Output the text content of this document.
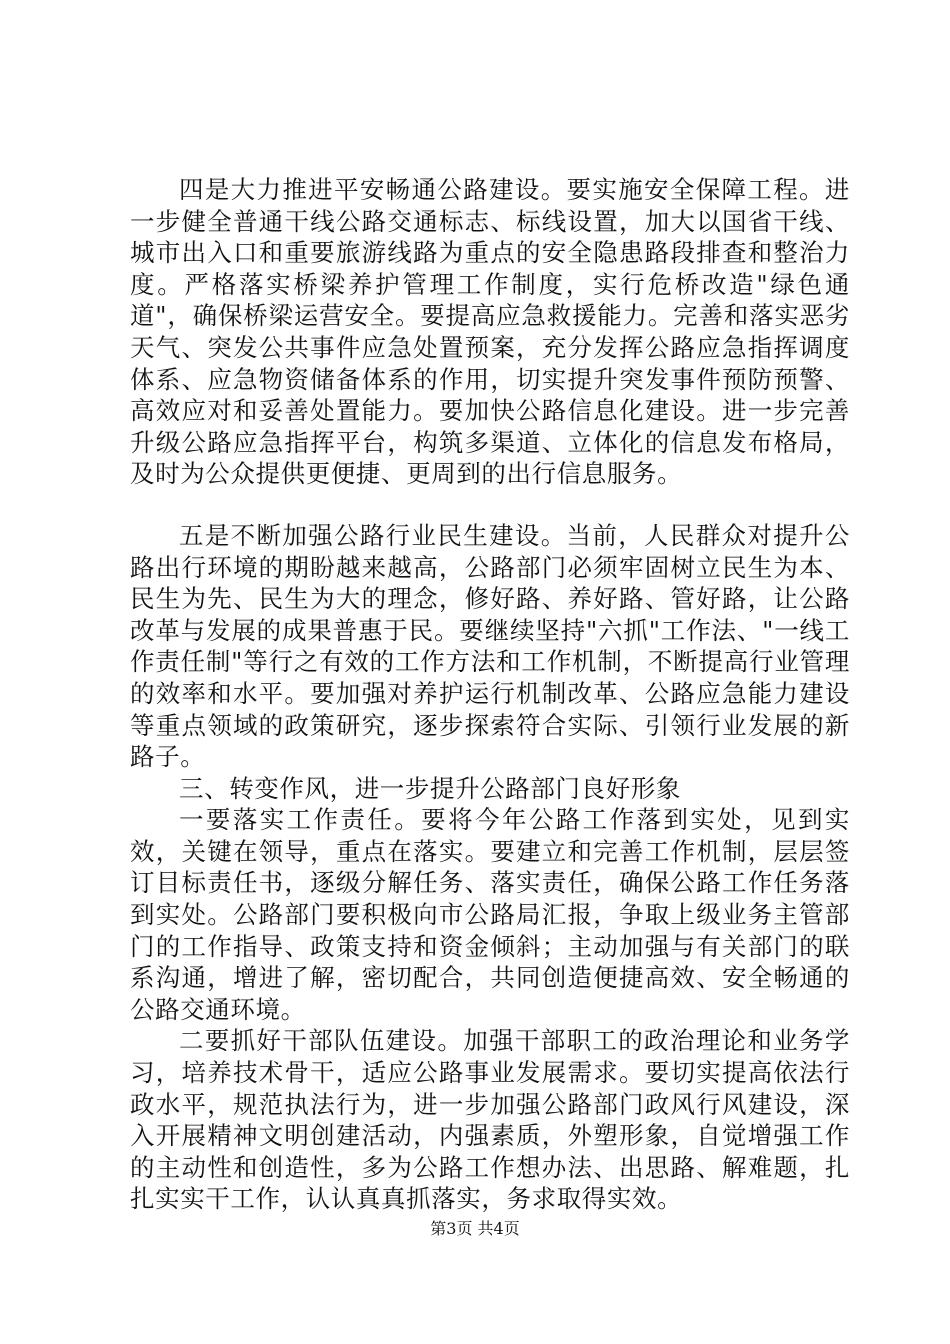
四是大力推进平安畅通公路建设。要实施安全保障工程。进一步健全普通干线公路交通标志、标线设置，加大以国省干线、城市出入口和重要旅游线路为重点的安全隐患路段排查和整治力度。严格落实桥梁养护管理工作制度，实行危桥改造"绿色通道"，确保桥梁运营安全。要提高应急救援能力。完善和落实恶劣天气、突发公共事件应急处置预案，充分发挥公路应急指挥调度体系、应急物资储备体系的作用，切实提升突发事件预防预警、高效应对和妥善处置能力。要加快公路信息化建设。进一步完善升级公路应急指挥平台，构筑多渠道、立体化的信息发布格局，及时为公众提供更便捷、更周到的出行信息服务。

五是不断加强公路行业民生建设。当前，人民群众对提升公路出行环境的期盼越来越高，公路部门必须牢固树立民生为本、民生为先、民生为大的理念，修好路、养好路、管好路，让公路改革与发展的成果普惠于民。要继续坚持"六抓"工作法、"一线工作责任制"等行之有效的工作方法和工作机制，不断提高行业管理的效率和水平。要加强对养护运行机制改革、公路应急能力建设等重点领域的政策研究，逐步探索符合实际、引领行业发展的新路子。

三、转变作风，进一步提升公路部门良好形象

一要落实工作责任。要将今年公路工作落到实处，见到实效，关键在领导，重点在落实。要建立和完善工作机制，层层签订目标责任书，逐级分解任务、落实责任，确保公路工作任务落到实处。公路部门要积极向市公路局汇报，争取上级业务主管部门的工作指导、政策支持和资金倾斜；主动加强与有关部门的联系沟通，增进了解，密切配合，共同创造便捷高效、安全畅通的公路交通环境。

二要抓好干部队伍建设。加强干部职工的政治理论和业务学习，培养技术骨干，适应公路事业发展需求。要切实提高依法行政水平，规范执法行为，进一步加强公路部门政风行风建设，深入开展精神文明创建活动，内强素质，外塑形象，自觉增强工作的主动性和创造性，多为公路工作想办法、出思路、解难题，扎扎实实干工作，认认真真抓落实，务求取得实效。

第3页 共4页
